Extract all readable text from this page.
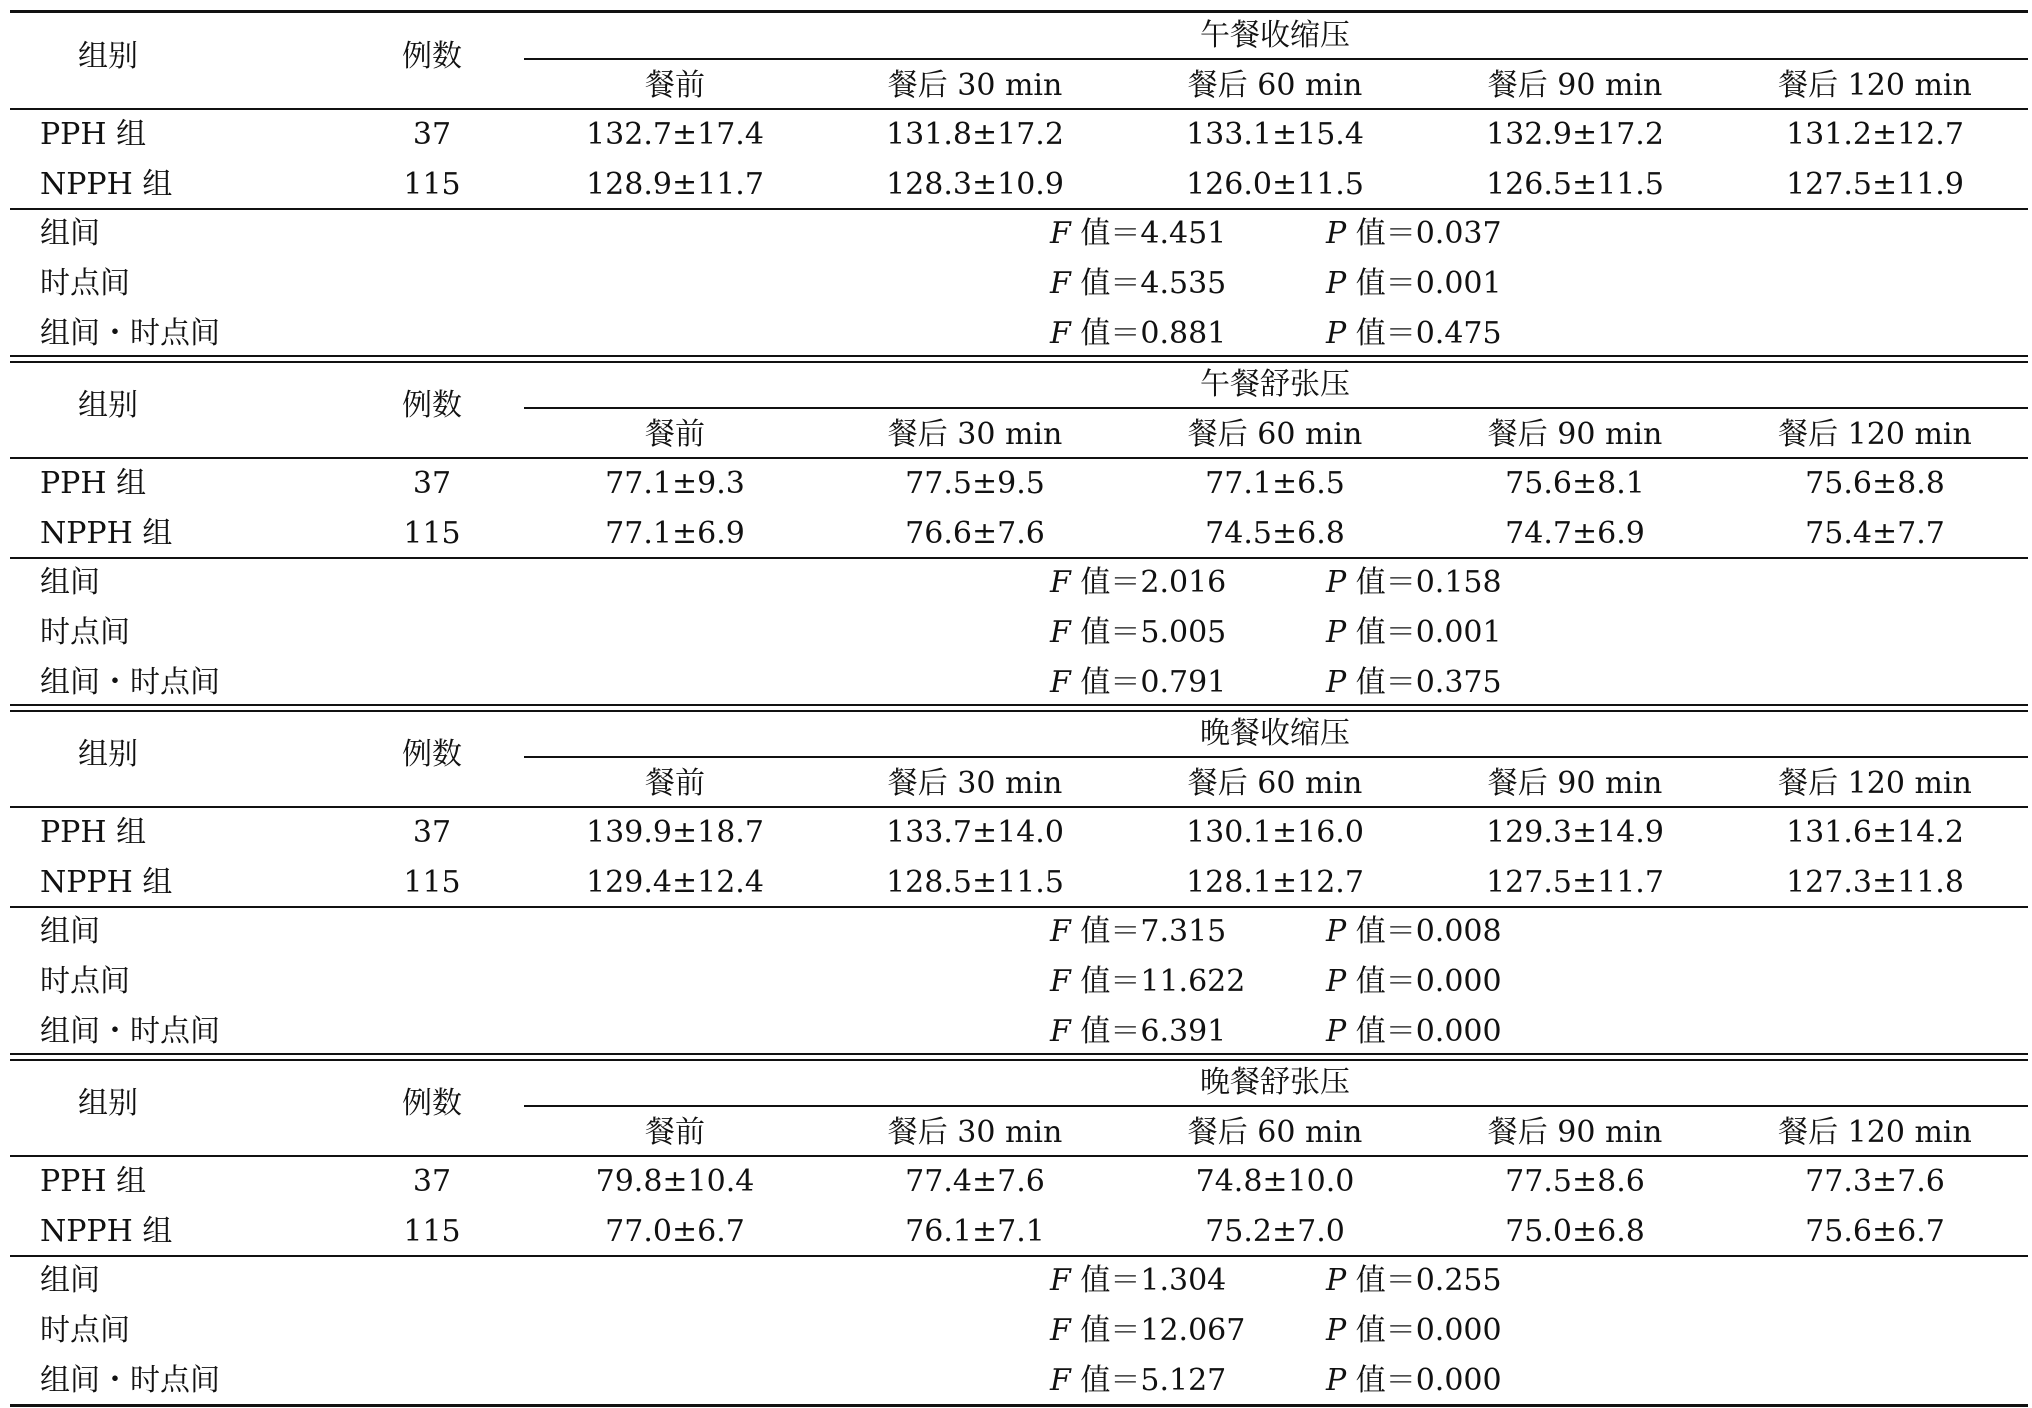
组别	例数
午餐收缩压
餐前	餐后 30 min	餐后 60 min	餐后 90 min	餐后 120 min
PPH 组	37	132.7±17.4	131.8±17.2	133.1±15.4	132.9±17.2	131.2±12.7
NPPH 组	115	128.9±11.7	128.3±10.9	126.0±11.5	126.5±11.5	127.5±11.9
组间	F 值＝4.451	P 值＝0.037
时点间	F 值＝4.535	P 值＝0.001
组间・时点间	F 值＝0.881	P 值＝0.475
组别	例数
午餐舒张压
餐前	餐后 30 min	餐后 60 min	餐后 90 min	餐后 120 min
PPH 组	37	77.1±9.3	77.5±9.5	77.1±6.5	75.6±8.1	75.6±8.8
NPPH 组	115	77.1±6.9	76.6±7.6	74.5±6.8	74.7±6.9	75.4±7.7
组间	F 值＝2.016	P 值＝0.158
时点间	F 值＝5.005	P 值＝0.001
组间・时点间	F 值＝0.791	P 值＝0.375
组别	例数
晚餐收缩压
餐前	餐后 30 min	餐后 60 min	餐后 90 min	餐后 120 min
PPH 组	37	139.9±18.7	133.7±14.0	130.1±16.0	129.3±14.9	131.6±14.2
NPPH 组	115	129.4±12.4	128.5±11.5	128.1±12.7	127.5±11.7	127.3±11.8
组间	F 值＝7.315	P 值＝0.008
时点间	F 值＝11.622	P 值＝0.000
组间・时点间	F 值＝6.391	P 值＝0.000
组别	例数
晚餐舒张压
餐前	餐后 30 min	餐后 60 min	餐后 90 min	餐后 120 min
PPH 组	37	79.8±10.4	77.4±7.6	74.8±10.0	77.5±8.6	77.3±7.6
NPPH 组	115	77.0±6.7	76.1±7.1	75.2±7.0	75.0±6.8	75.6±6.7
组间	F 值＝1.304	P 值＝0.255
时点间	F 值＝12.067	P 值＝0.000
组间・时点间	F 值＝5.127	P 值＝0.000
